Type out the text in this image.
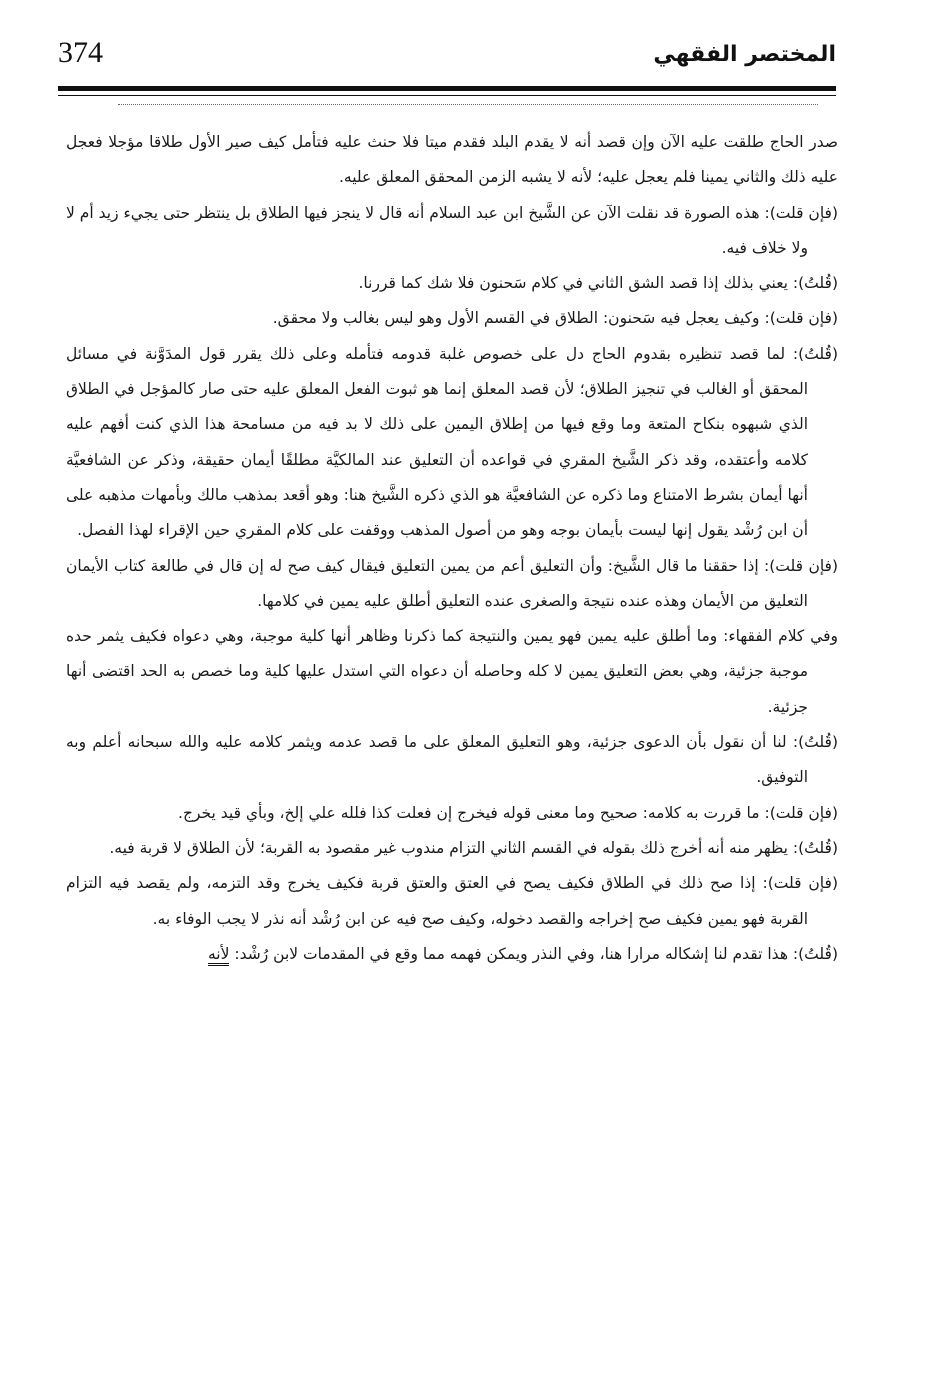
374	المختصر الفقهي

صدر الحاج طلقت عليه الآن وإن قصد أنه لا يقدم البلد فقدم ميتا فلا حنث عليه فتأمل كيف صير الأول طلاقا مؤجلا فعجل عليه ذلك والثاني يمينا فلم يعجل عليه؛ لأنه لا يشبه الزمن المحقق المعلق عليه.

(فإن قلت): هذه الصورة قد نقلت الآن عن الشَّيخ ابن عبد السلام أنه قال لا ينجز فيها الطلاق بل ينتظر حتى يجيء زيد أم لا ولا خلاف فيه.

(قُلتُ): يعني بذلك إذا قصد الشق الثاني في كلام سَحنون فلا شك كما قررنا.

(فإن قلت): وكيف يعجل فيه سَحنون: الطلاق في القسم الأول وهو ليس بغالب ولا محقق.

(قُلتُ): لما قصد تنظيره بقدوم الحاج دل على خصوص غلبة قدومه فتأمله وعلى ذلك يقرر قول المدَوَّنة في مسائل المحقق أو الغالب في تنجيز الطلاق؛ لأن قصد المعلق إنما هو ثبوت الفعل المعلق عليه حتى صار كالمؤجل في الطلاق الذي شبهوه بنكاح المتعة وما وقع فيها من إطلاق اليمين على ذلك لا بد فيه من مسامحة هذا الذي كنت أفهم عليه كلامه وأعتقده، وقد ذكر الشَّيخ المقري في قواعده أن التعليق عند المالكيَّة مطلقًا أيمان حقيقة، وذكر عن الشافعيَّة أنها أيمان بشرط الامتناع وما ذكره عن الشافعيَّة هو الذي ذكره الشَّيخ هنا: وهو أقعد بمذهب مالك وبأمهات مذهبه على أن ابن رُشْد يقول إنها ليست بأيمان بوجه وهو من أصول المذهب ووقفت على كلام المقري حين الإقراء لهذا الفصل.

(فإن قلت): إذا حققنا ما قال الشَّيخ: وأن التعليق أعم من يمين التعليق فيقال كيف صح له إن قال في طالعة كتاب الأيمان التعليق من الأيمان وهذه عنده نتيجة والصغرى عنده التعليق أطلق عليه يمين في كلامها.

وفي كلام الفقهاء: وما أطلق عليه يمين فهو يمين والنتيجة كما ذكرنا وظاهر أنها كلية موجبة، وهي دعواه فكيف يثمر حده موجبة جزئية، وهي بعض التعليق يمين لا كله وحاصله أن دعواه التي استدل عليها كلية وما خصص به الحد اقتضى أنها جزئية.

(قُلتُ): لنا أن نقول بأن الدعوى جزئية، وهو التعليق المعلق على ما قصد عدمه ويثمر كلامه عليه والله سبحانه أعلم وبه التوفيق.

(فإن قلت): ما قررت به كلامه: صحيح وما معنى قوله فيخرج إن فعلت كذا فلله علي إلخ، وبأي قيد يخرج.

(قُلتُ): يظهر منه أنه أخرج ذلك بقوله في القسم الثاني التزام مندوب غير مقصود به القربة؛ لأن الطلاق لا قربة فيه.

(فإن قلت): إذا صح ذلك في الطلاق فكيف يصح في العتق والعتق قربة فكيف يخرج وقد التزمه، ولم يقصد فيه التزام القربة فهو يمين فكيف صح إخراجه والقصد دخوله، وكيف صح فيه عن ابن رُشْد أنه نذر لا يجب الوفاء به.

(قُلتُ): هذا تقدم لنا إشكاله مرارا هنا، وفي النذر ويمكن فهمه مما وقع في المقدمات لابن رُشْد: لأنه
